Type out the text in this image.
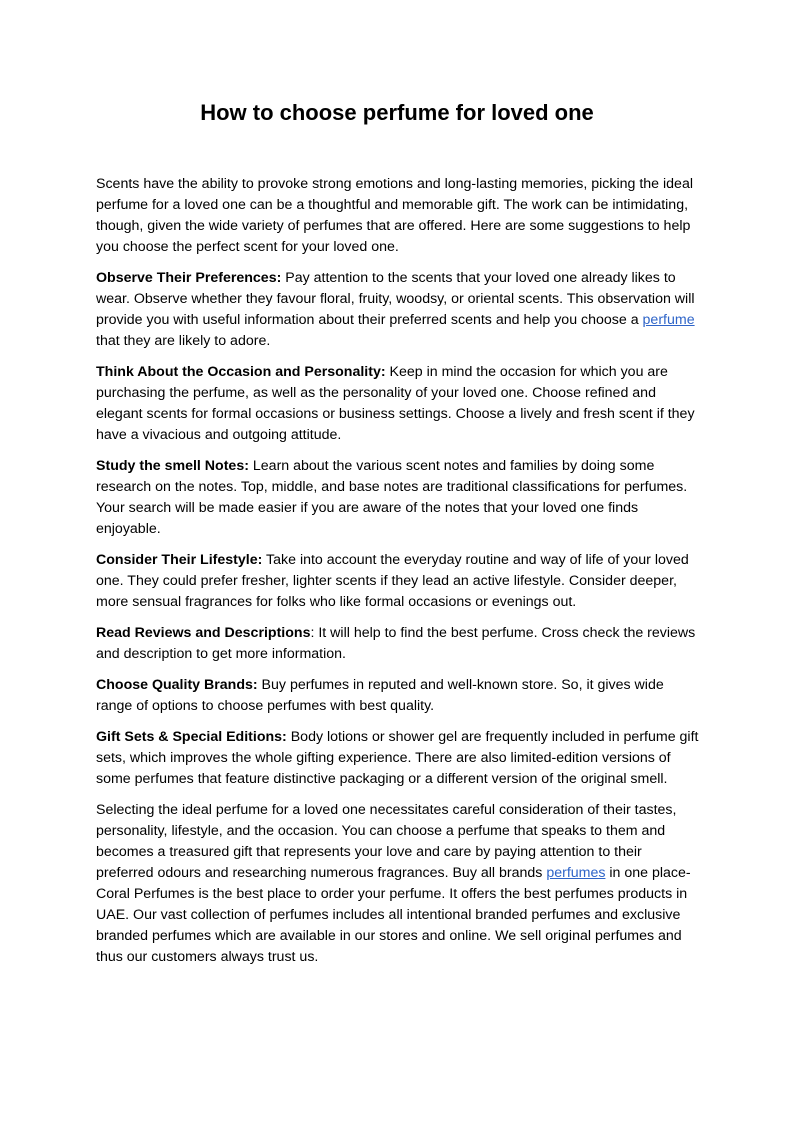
How to choose perfume for loved one

Scents have the ability to provoke strong emotions and long-lasting memories, picking the ideal perfume for a loved one can be a thoughtful and memorable gift. The work can be intimidating, though, given the wide variety of perfumes that are offered. Here are some suggestions to help you choose the perfect scent for your loved one.

Observe Their Preferences: Pay attention to the scents that your loved one already likes to wear. Observe whether they favour floral, fruity, woodsy, or oriental scents. This observation will provide you with useful information about their preferred scents and help you choose a perfume that they are likely to adore.

Think About the Occasion and Personality: Keep in mind the occasion for which you are purchasing the perfume, as well as the personality of your loved one. Choose refined and elegant scents for formal occasions or business settings. Choose a lively and fresh scent if they have a vivacious and outgoing attitude.

Study the smell Notes: Learn about the various scent notes and families by doing some research on the notes. Top, middle, and base notes are traditional classifications for perfumes. Your search will be made easier if you are aware of the notes that your loved one finds enjoyable.

Consider Their Lifestyle: Take into account the everyday routine and way of life of your loved one. They could prefer fresher, lighter scents if they lead an active lifestyle. Consider deeper, more sensual fragrances for folks who like formal occasions or evenings out.

Read Reviews and Descriptions: It will help to find the best perfume. Cross check the reviews and description to get more information.

Choose Quality Brands: Buy perfumes in reputed and well-known store. So, it gives wide range of options to choose perfumes with best quality.

Gift Sets & Special Editions: Body lotions or shower gel are frequently included in perfume gift sets, which improves the whole gifting experience. There are also limited-edition versions of some perfumes that feature distinctive packaging or a different version of the original smell.

Selecting the ideal perfume for a loved one necessitates careful consideration of their tastes, personality, lifestyle, and the occasion. You can choose a perfume that speaks to them and becomes a treasured gift that represents your love and care by paying attention to their preferred odours and researching numerous fragrances. Buy all brands perfumes in one place- Coral Perfumes is the best place to order your perfume. It offers the best perfumes products in UAE. Our vast collection of perfumes includes all intentional branded perfumes and exclusive branded perfumes which are available in our stores and online. We sell original perfumes and thus our customers always trust us.
